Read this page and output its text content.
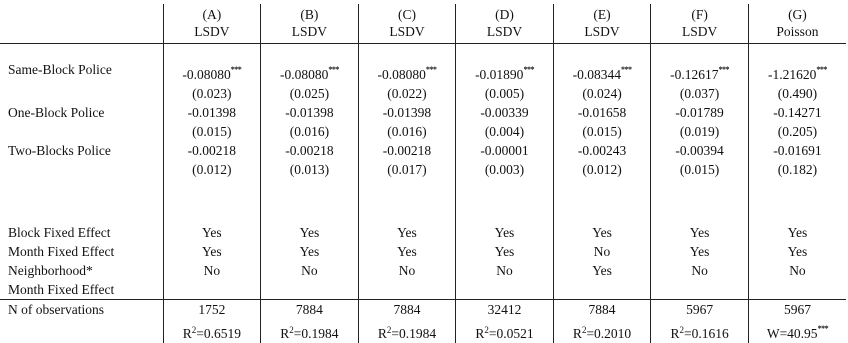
	(A)	(B)	(C)	(D)	(E)	(F)	(G)
	LSDV	LSDV	LSDV	LSDV	LSDV	LSDV	Poisson

Same-Block Police	-0.08080***	-0.08080***	-0.08080***	-0.01890***	-0.08344***	-0.12617***	-1.21620***
	(0.023)	(0.025)	(0.022)	(0.005)	(0.024)	(0.037)	(0.490)
One-Block Police	-0.01398	-0.01398	-0.01398	-0.00339	-0.01658	-0.01789	-0.14271
	(0.015)	(0.016)	(0.016)	(0.004)	(0.015)	(0.019)	(0.205)
Two-Blocks Police	-0.00218	-0.00218	-0.00218	-0.00001	-0.00243	-0.00394	-0.01691
	(0.012)	(0.013)	(0.017)	(0.003)	(0.012)	(0.015)	(0.182)

Block Fixed Effect	Yes	Yes	Yes	Yes	Yes	Yes	Yes
Month Fixed Effect	Yes	Yes	Yes	Yes	No	Yes	Yes
Neighborhood*	No	No	No	No	Yes	No	No
Month Fixed Effect							
N of observations	1752	7884	7884	32412	7884	5967	5967
	$R^2=0.6519$	$R^2=0.1984$	$R^2=0.1984$	$R^2=0.0521$	$R^2=0.2010$	$R^2=0.1616$	W=40.95***
